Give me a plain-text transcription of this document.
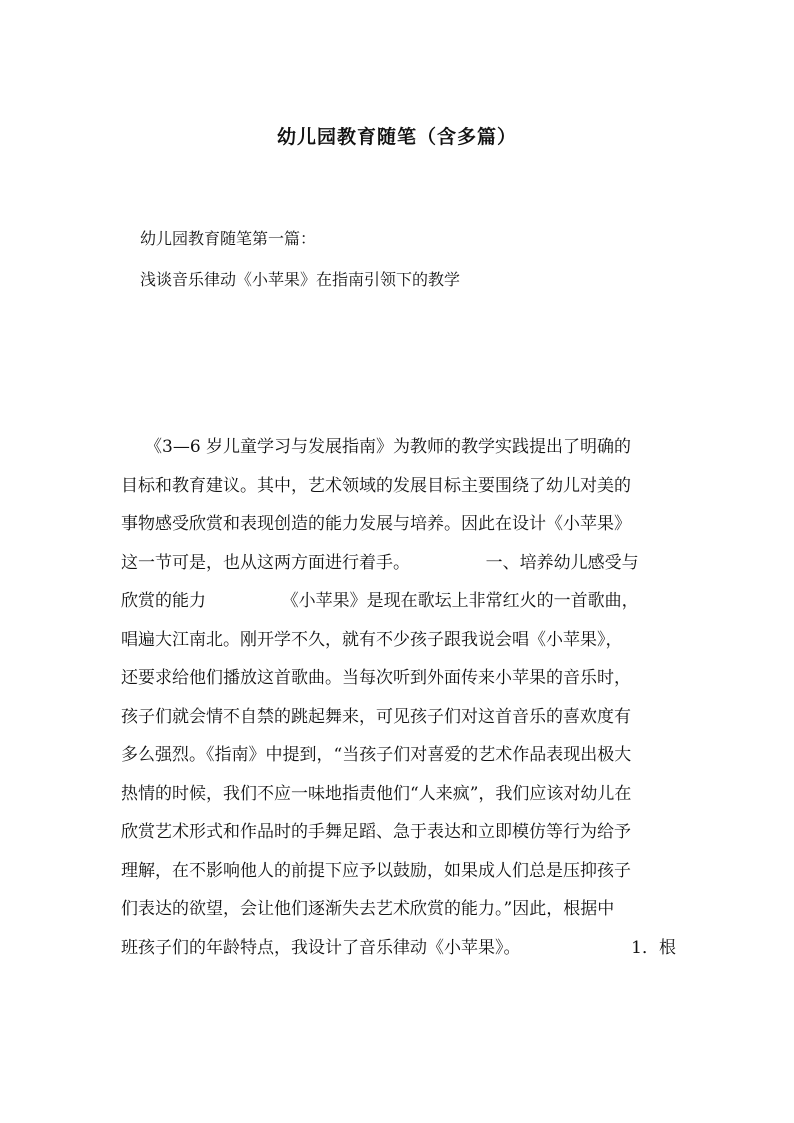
幼儿园教育随笔（含多篇）
幼儿园教育随笔第一篇：
浅谈音乐律动《小苹果》在指南引领下的教学
《3—6 岁儿童学习与发展指南》为教师的教学实践提出了明确的
目标和教育建议。其中，艺术领域的发展目标主要围绕了幼儿对美的
事物感受欣赏和表现创造的能力发展与培养。因此在设计《小苹果》
这一节可是，也从这两方面进行着手。              一、培养幼儿感受与
欣赏的能力              《小苹果》是现在歌坛上非常红火的一首歌曲，
唱遍大江南北。刚开学不久，就有不少孩子跟我说会唱《小苹果》，
还要求给他们播放这首歌曲。当每次听到外面传来小苹果的音乐时，
孩子们就会情不自禁的跳起舞来，可见孩子们对这首音乐的喜欢度有
多么强烈。《指南》中提到，“当孩子们对喜爱的艺术作品表现出极大
热情的时候，我们不应一味地指责他们“人来疯”，我们应该对幼儿在
欣赏艺术形式和作品时的手舞足蹈、急于表达和立即模仿等行为给予
理解，在不影响他人的前提下应予以鼓励，如果成人们总是压抑孩子
们表达的欲望，会让他们逐渐失去艺术欣赏的能力。”因此，根据中
班孩子们的年龄特点，我设计了音乐律动《小苹果》。	1．根
